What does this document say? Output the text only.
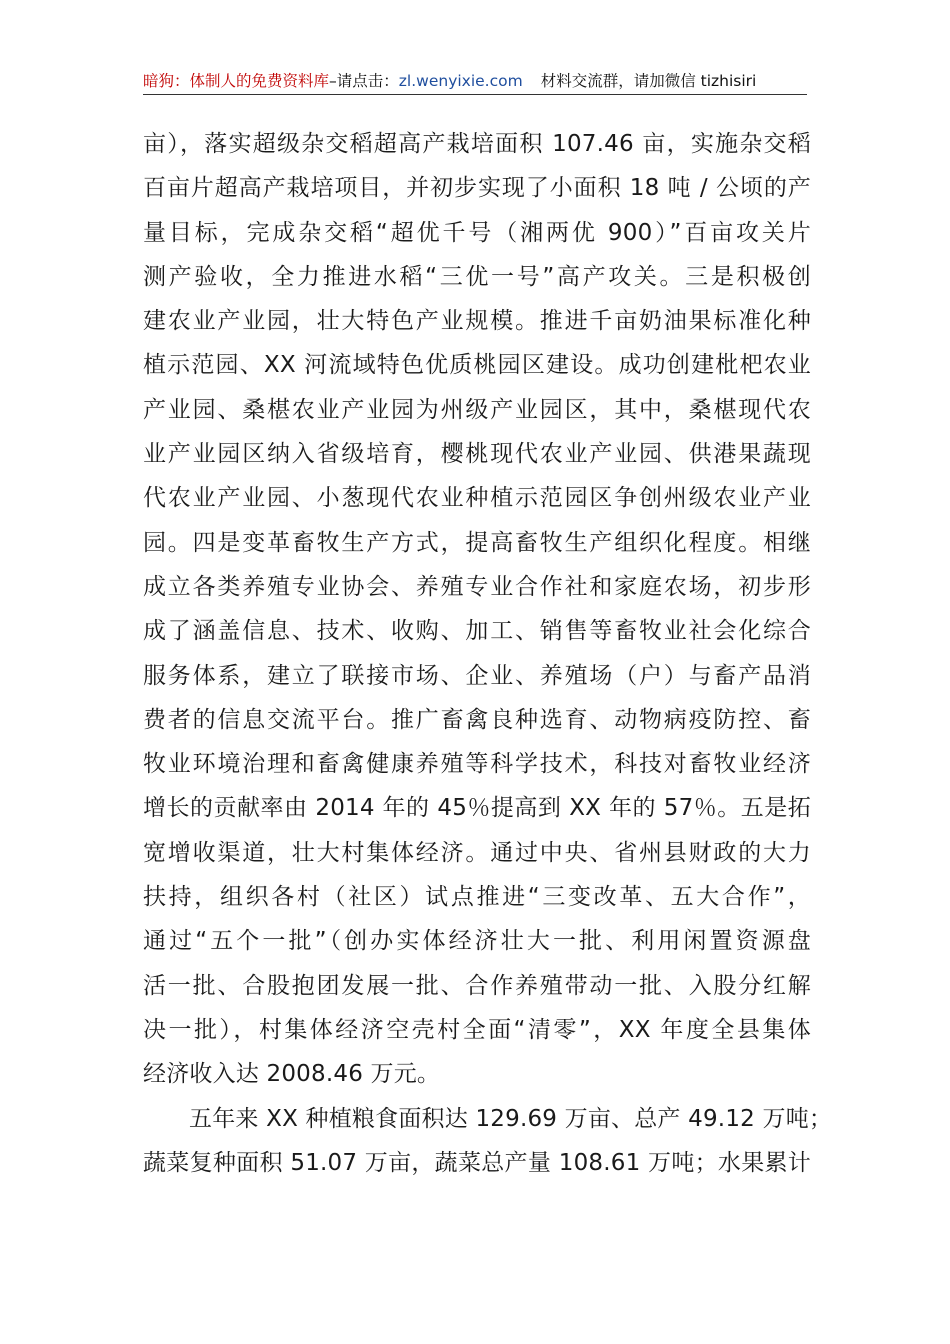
暗狗：体制人的免费资料库–请点击：zl.wenyixie.com 材料交流群，请加微信 tizhisiri
亩），落实超级杂交稻超高产栽培面积 107.46 亩，实施杂交稻
百亩片超高产栽培项目，并初步实现了小面积 18 吨 / 公顷的产
量目标，完成杂交稻“超优千号（湘两优 900）”百亩攻关片
测产验收，全力推进水稻“三优一号”高产攻关。三是积极创
建农业产业园，壮大特色产业规模。推进千亩奶油果标准化种
植示范园、XX 河流域特色优质桃园区建设。成功创建枇杷农业
产业园、桑椹农业产业园为州级产业园区，其中，桑椹现代农
业产业园区纳入省级培育，樱桃现代农业产业园、供港果蔬现
代农业产业园、小葱现代农业种植示范园区争创州级农业产业
园。四是变革畜牧生产方式，提高畜牧生产组织化程度。相继
成立各类养殖专业协会、养殖专业合作社和家庭农场，初步形
成了涵盖信息、技术、收购、加工、销售等畜牧业社会化综合
服务体系，建立了联接市场、企业、养殖场（户）与畜产品消
费者的信息交流平台。推广畜禽良种选育、动物病疫防控、畜
牧业环境治理和畜禽健康养殖等科学技术，科技对畜牧业经济
增长的贡献率由 2014 年的 45％提高到 XX 年的 57％。五是拓
宽增收渠道，壮大村集体经济。通过中央、省州县财政的大力
扶持，组织各村（社区）试点推进“三变改革、五大合作”，
通过“五个一批”（创办实体经济壮大一批、利用闲置资源盘
活一批、合股抱团发展一批、合作养殖带动一批、入股分红解
决一批），村集体经济空壳村全面“清零”，XX 年度全县集体
经济收入达 2008.46 万元。
五年来 XX 种植粮食面积达 129.69 万亩、总产 49.12 万吨；
蔬菜复种面积 51.07 万亩，蔬菜总产量 108.61 万吨；水果累计
